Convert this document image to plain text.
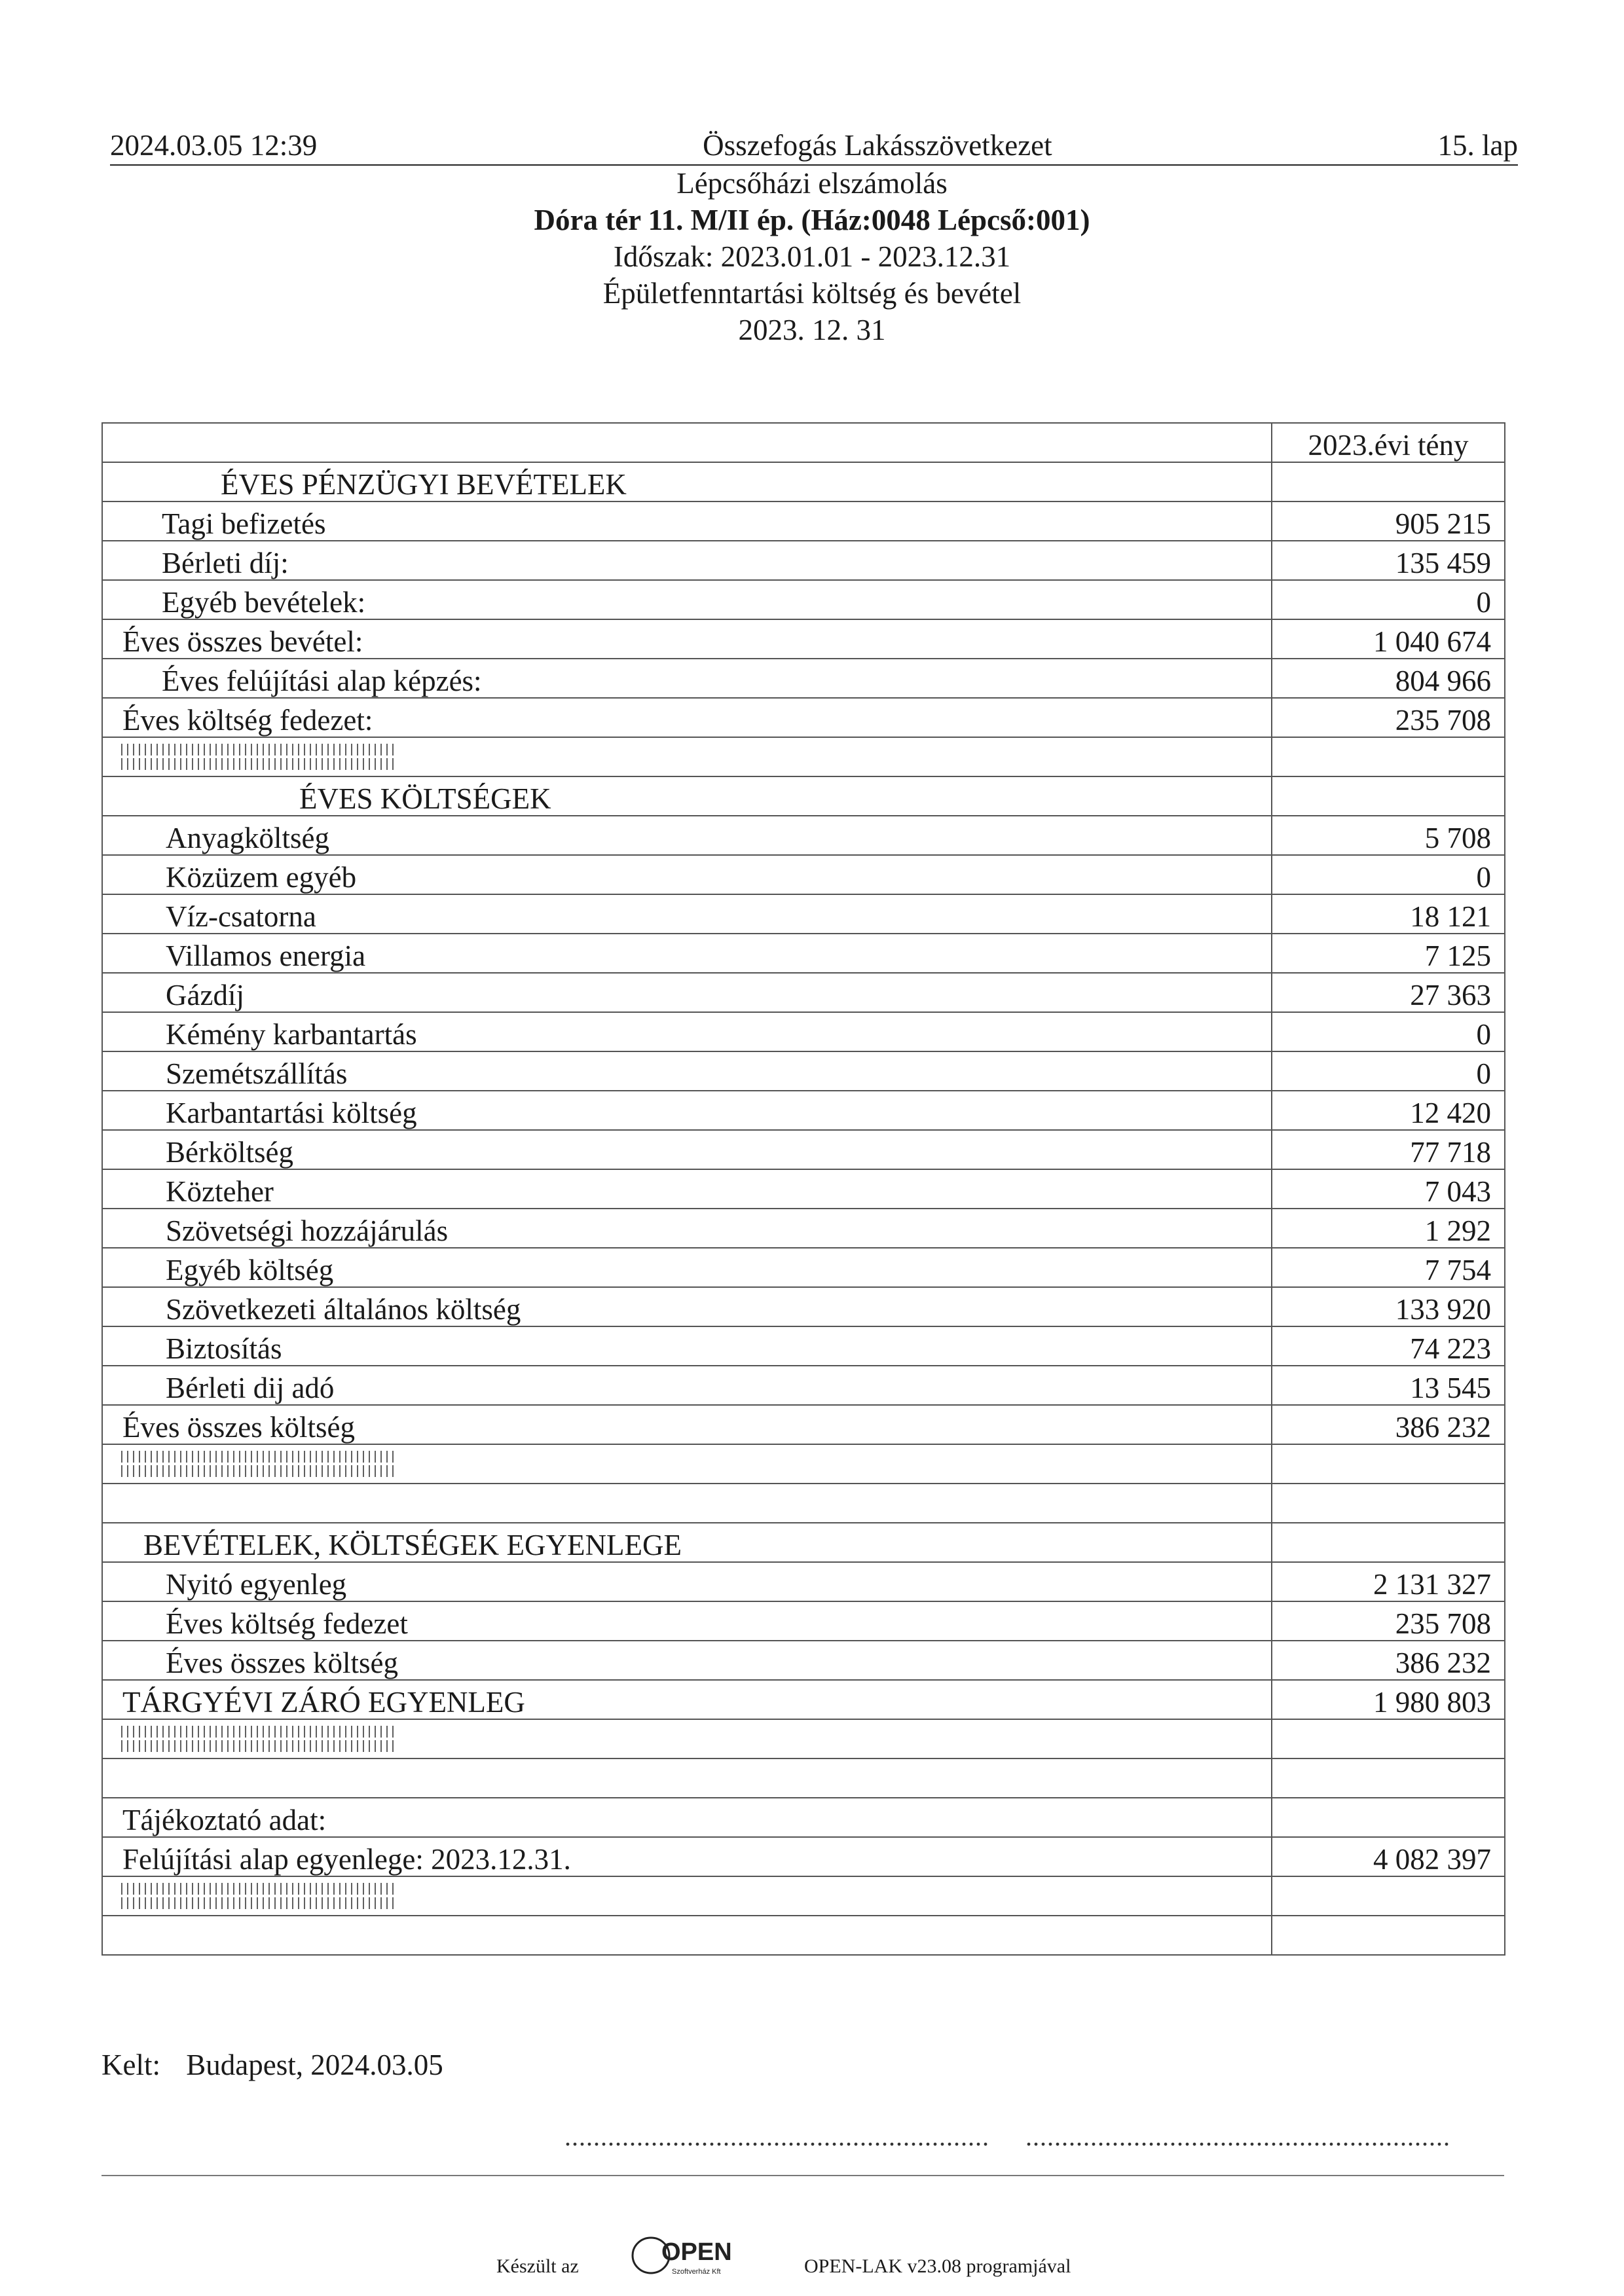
2024.03.05 12:39	Összefogás Lakásszövetkezet	15. lap
Lépcsőházi elszámolás
Dóra tér 11. M/II ép. (Ház:0048 Lépcső:001)
Időszak: 2023.01.01 - 2023.12.31
Épületfenntartási költség és bevétel
2023. 12. 31
	2023.évi tény
ÉVES PÉNZÜGYI BEVÉTELEK	
Tagi befizetés	905 215
Bérleti díj:	135 459
Egyéb bevételek:	0
Éves összes bevétel:	1 040 674
Éves felújítási alap képzés:	804 966
Éves költség fedezet:	235 708

ÉVES KÖLTSÉGEK	
Anyagköltség	5 708
Közüzem egyéb	0
Víz-csatorna	18 121
Villamos energia	7 125
Gázdíj	27 363
Kémény karbantartás	0
Szemétszállítás	0
Karbantartási költség	12 420
Bérköltség	77 718
Közteher	7 043
Szövetségi hozzájárulás	1 292
Egyéb költség	7 754
Szövetkezeti általános költség	133 920
Biztosítás	74 223
Bérleti dij adó	13 545
Éves összes költség	386 232

BEVÉTELEK, KÖLTSÉGEK EGYENLEGE	
Nyitó egyenleg	2 131 327
Éves költség fedezet	235 708
Éves összes költség	386 232
TÁRGYÉVI ZÁRÓ EGYENLEG	1 980 803

Tájékoztató adat:	
Felújítási alap egyenlege: 2023.12.31.	4 082 397

Kelt: Budapest, 2024.03.05
........................................................... ...........................................................
Készült az	OPEN-LAK v23.08 programjával
OPEN
Szoftverház Kft
